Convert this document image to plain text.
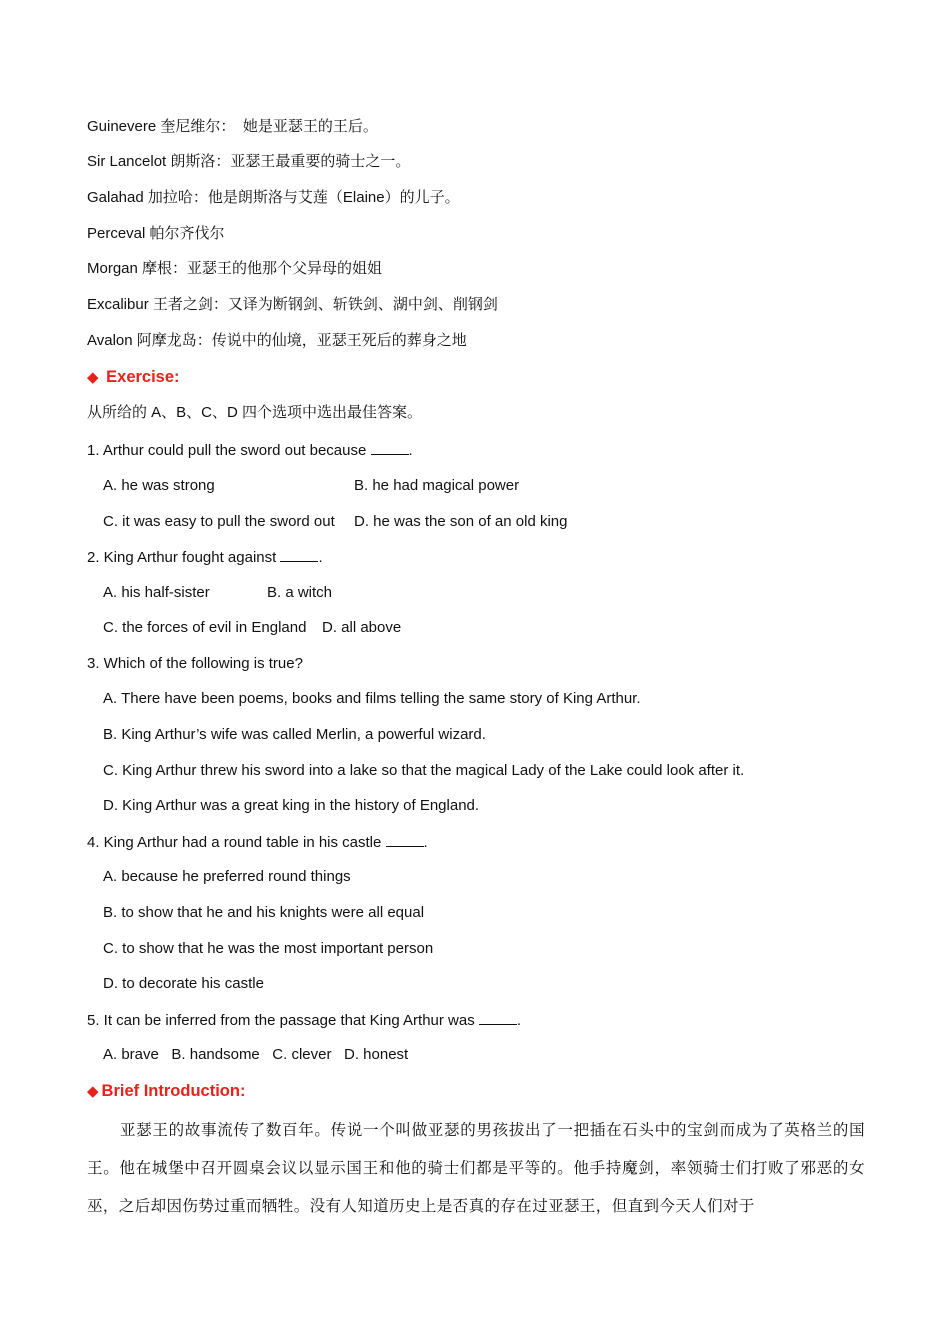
Guinevere 奎尼维尔：　她是亚瑟王的王后。
Sir Lancelot 朗斯洛：亚瑟王最重要的骑士之一。
Galahad 加拉哈：他是朗斯洛与艾莲（Elaine）的儿子。
Perceval 帕尔齐伐尔
Morgan 摩根：亚瑟王的他那个父异母的姐姐
Excalibur 王者之剑：又译为断钢剑、斩铁剑、湖中剑、削钢剑
Avalon 阿摩龙岛：传说中的仙境，亚瑟王死后的葬身之地
◆ Exercise:
从所给的 A、B、C、D 四个选项中选出最佳答案。
1. Arthur could pull the sword out because	.
A. he was strong	B. he had magical power
C. it was easy to pull the sword out D. he was the son of an old king
2. King Arthur fought against	.
A. his half-sister	B. a witch
C. the forces of evil in England D. all above
3. Which of the following is true?
A. There have been poems, books and films telling the same story of King Arthur.
B. King Arthur’s wife was called Merlin, a powerful wizard.
C. King Arthur threw his sword into a lake so that the magical Lady of the Lake could look after it.
D. King Arthur was a great king in the history of England.
4. King Arthur had a round table in his castle	.
A. because he preferred round things
B. to show that he and his knights were all equal
C. to show that he was the most important person
D. to decorate his castle
5. It can be inferred from the passage that King Arthur was	.
A. brave B. handsome C. clever D. honest
◆ Brief Introduction:
亚瑟王的故事流传了数百年。传说一个叫做亚瑟的男孩拔出了一把插在石头中的宝剑而成为了英格兰的国王。他在城堡中召开圆桌会议以显示国王和他的骑士们都是平等的。他手持魔剑，率领骑士们打败了邪恶的女巫，之后却因伤势过重而牺牲。没有人知道历史上是否真的存在过亚瑟王，但直到今天人们对于
